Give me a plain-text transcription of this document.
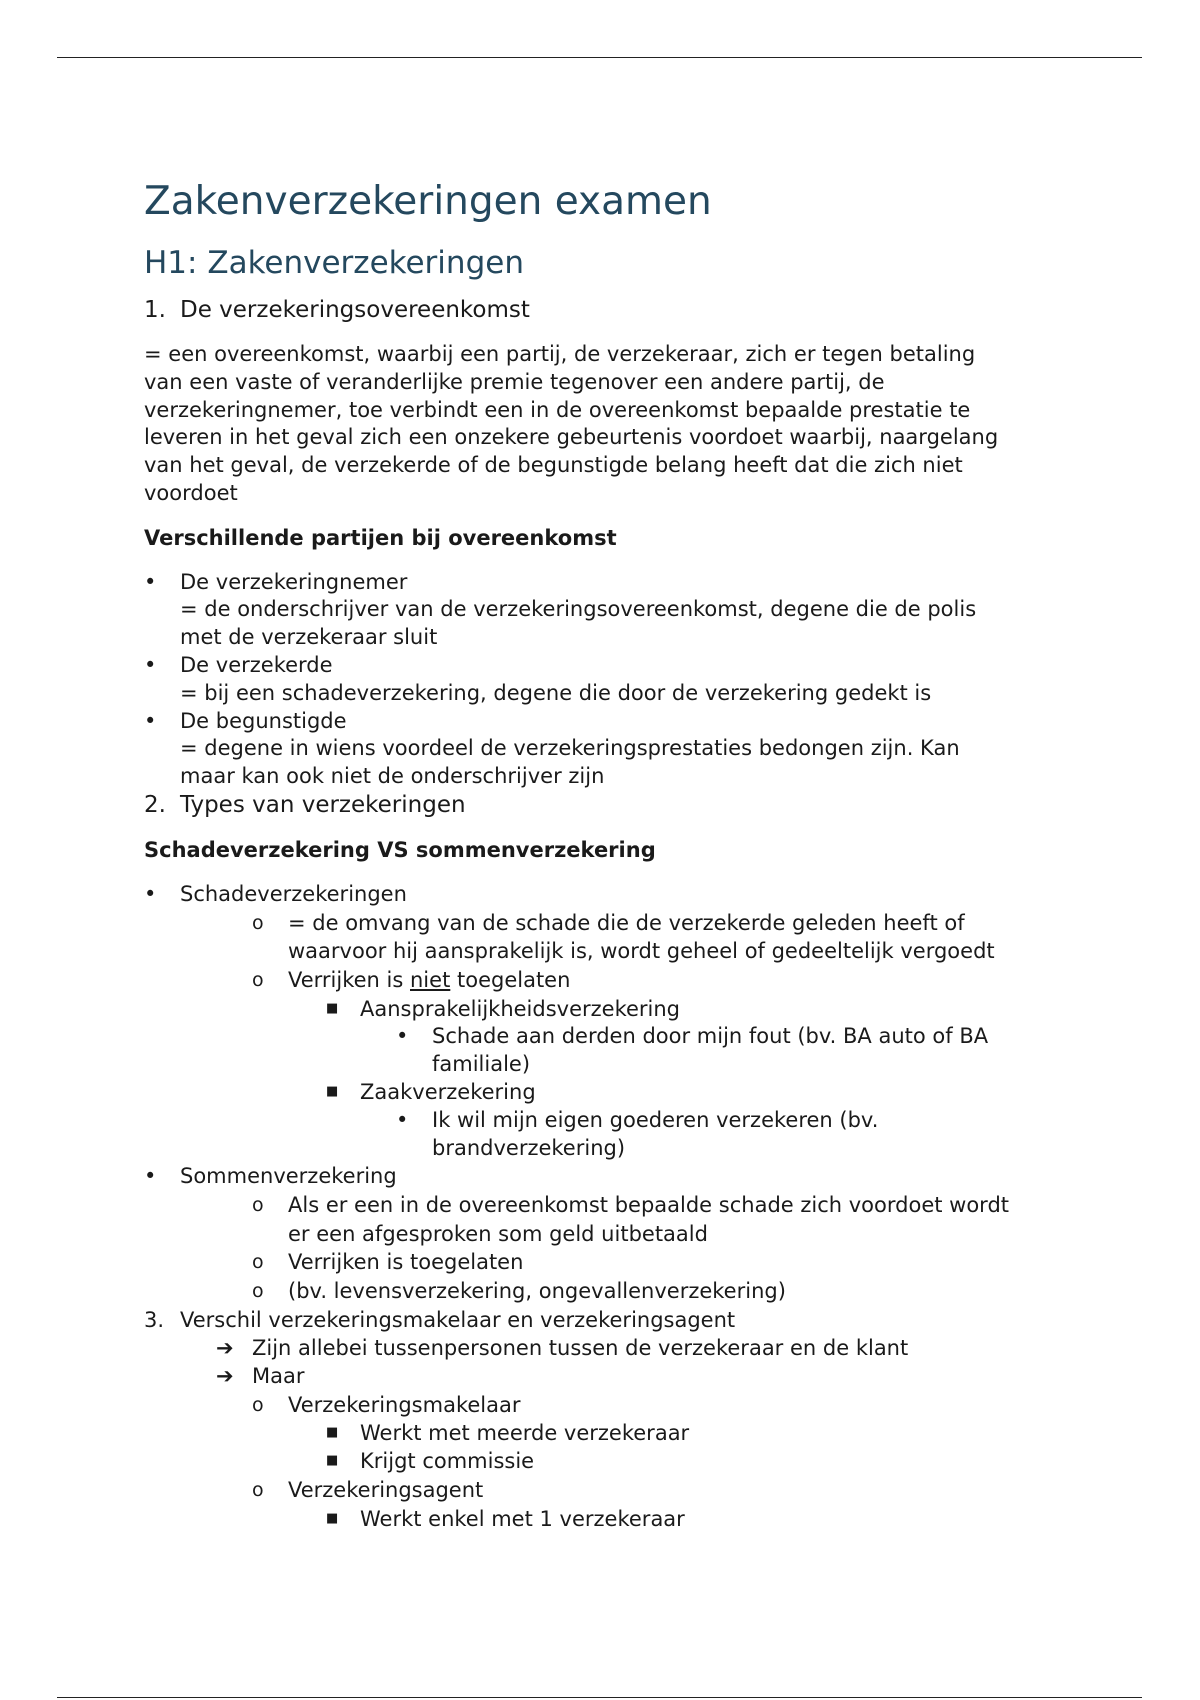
Zakenverzekeringen examen
H1: Zakenverzekeringen
1. De verzekeringsovereenkomst
= een overeenkomst, waarbij een partij, de verzekeraar, zich er tegen betaling
van een vaste of veranderlijke premie tegenover een andere partij, de
verzekeringnemer, toe verbindt een in de overeenkomst bepaalde prestatie te
leveren in het geval zich een onzekere gebeurtenis voordoet waarbij, naargelang
van het geval, de verzekerde of de begunstigde belang heeft dat die zich niet
voordoet
Verschillende partijen bij overeenkomst
• De verzekeringnemer
= de onderschrijver van de verzekeringsovereenkomst, degene die de polis
met de verzekeraar sluit
• De verzekerde
= bij een schadeverzekering, degene die door de verzekering gedekt is
• De begunstigde
= degene in wiens voordeel de verzekeringsprestaties bedongen zijn. Kan
maar kan ook niet de onderschrijver zijn
2. Types van verzekeringen
Schadeverzekering VS sommenverzekering
• Schadeverzekeringen
o = de omvang van de schade die de verzekerde geleden heeft of
waarvoor hij aansprakelijk is, wordt geheel of gedeeltelijk vergoedt
o Verrijken is niet toegelaten
■ Aansprakelijkheidsverzekering
• Schade aan derden door mijn fout (bv. BA auto of BA
familiale)
■ Zaakverzekering
• Ik wil mijn eigen goederen verzekeren (bv.
brandverzekering)
• Sommenverzekering
o Als er een in de overeenkomst bepaalde schade zich voordoet wordt
er een afgesproken som geld uitbetaald
o Verrijken is toegelaten
o (bv. levensverzekering, ongevallenverzekering)
3. Verschil verzekeringsmakelaar en verzekeringsagent
➔ Zijn allebei tussenpersonen tussen de verzekeraar en de klant
➔ Maar
o Verzekeringsmakelaar
■ Werkt met meerde verzekeraar
■ Krijgt commissie
o Verzekeringsagent
■ Werkt enkel met 1 verzekeraar
